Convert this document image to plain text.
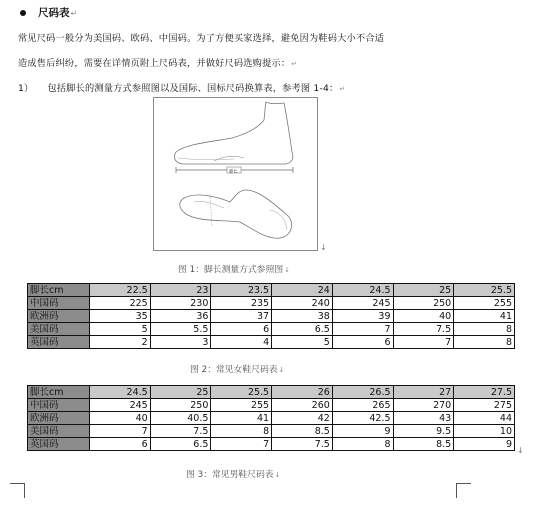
尺码表↵
常见尺码一般分为美国码、欧码、中国码。为了方便买家选择，避免因为鞋码大小不合适
造成售后纠纷，需要在详情页附上尺码表，并做好尺码选购提示：↵
1） 包括脚长的测量方式参照图以及国际、国标尺码换算表，参考图 1-4：↵
脚长
↓
图 1：脚长测量方式参照图↓
脚长cm	22.5	23	23.5	24	24.5	25	25.5
中国码	225	230	235	240	245	250	255
欧洲码	35	36	37	38	39	40	41
美国码	5	5.5	6	6.5	7	7.5	8
英国码	2	3	4	5	6	7	8
图 2：常见女鞋尺码表↓
脚长cm	24.5	25	25.5	26	26.5	27	27.5
中国码	245	250	255	260	265	270	275
欧洲码	40	40.5	41	42	42.5	43	44
美国码	7	7.5	8	8.5	9	9.5	10
英国码	6	6.5	7	7.5	8	8.5	9
↓
图 3：常见男鞋尺码表↓
